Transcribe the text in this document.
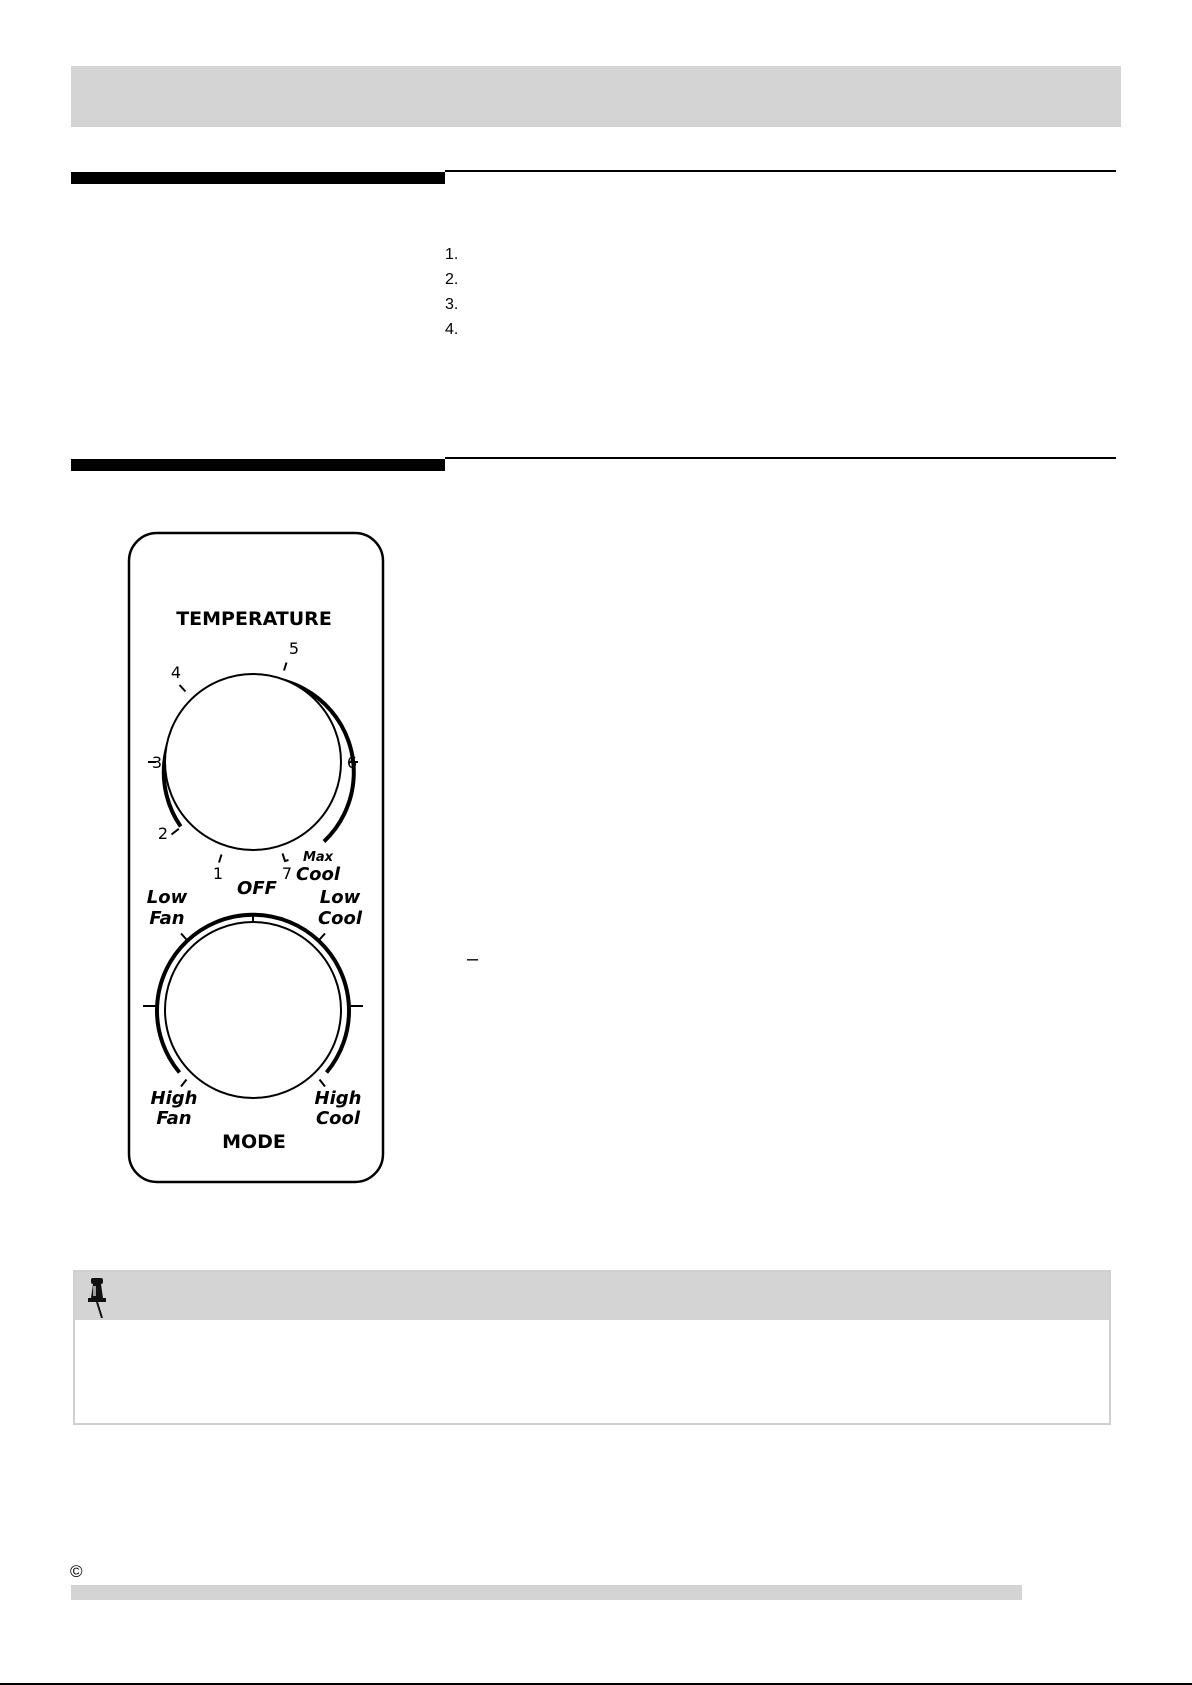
1.
2.
3.
4.
TEMPERATURE
1
2
3
4
5
6
7
Max
Cool
OFF
Low
Fan
Low
Cool
High
Fan
High
Cool
MODE
–
©
